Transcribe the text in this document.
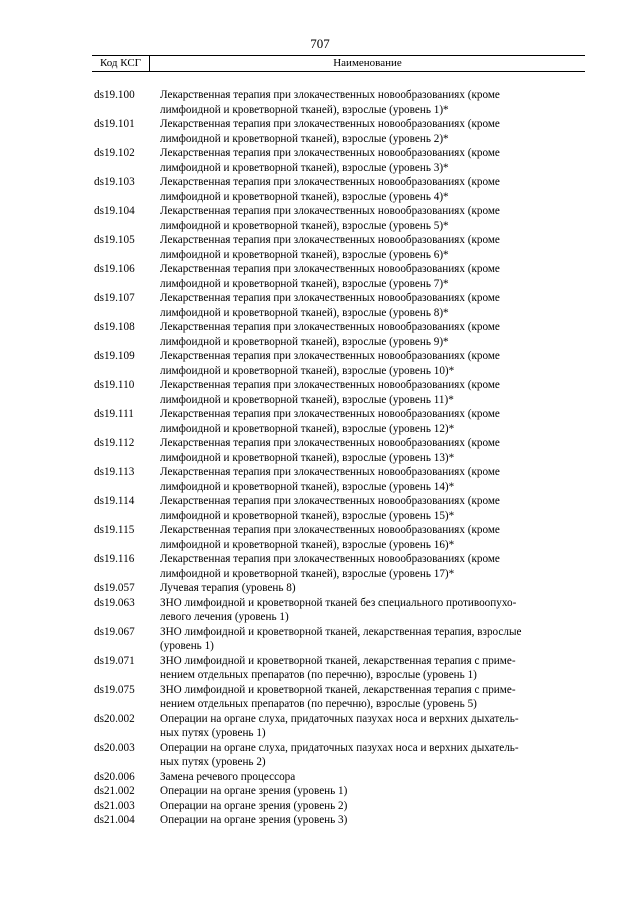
707
Код КСГ	Наименование
ds19.100	Лекарственная терапия при злокачественных новообразованиях (кроме
лимфоидной и кроветворной тканей), взрослые (уровень 1)*
ds19.101	Лекарственная терапия при злокачественных новообразованиях (кроме
лимфоидной и кроветворной тканей), взрослые (уровень 2)*
ds19.102	Лекарственная терапия при злокачественных новообразованиях (кроме
лимфоидной и кроветворной тканей), взрослые (уровень 3)*
ds19.103	Лекарственная терапия при злокачественных новообразованиях (кроме
лимфоидной и кроветворной тканей), взрослые (уровень 4)*
ds19.104	Лекарственная терапия при злокачественных новообразованиях (кроме
лимфоидной и кроветворной тканей), взрослые (уровень 5)*
ds19.105	Лекарственная терапия при злокачественных новообразованиях (кроме
лимфоидной и кроветворной тканей), взрослые (уровень 6)*
ds19.106	Лекарственная терапия при злокачественных новообразованиях (кроме
лимфоидной и кроветворной тканей), взрослые (уровень 7)*
ds19.107	Лекарственная терапия при злокачественных новообразованиях (кроме
лимфоидной и кроветворной тканей), взрослые (уровень 8)*
ds19.108	Лекарственная терапия при злокачественных новообразованиях (кроме
лимфоидной и кроветворной тканей), взрослые (уровень 9)*
ds19.109	Лекарственная терапия при злокачественных новообразованиях (кроме
лимфоидной и кроветворной тканей), взрослые (уровень 10)*
ds19.110	Лекарственная терапия при злокачественных новообразованиях (кроме
лимфоидной и кроветворной тканей), взрослые (уровень 11)*
ds19.111	Лекарственная терапия при злокачественных новообразованиях (кроме
лимфоидной и кроветворной тканей), взрослые (уровень 12)*
ds19.112	Лекарственная терапия при злокачественных новообразованиях (кроме
лимфоидной и кроветворной тканей), взрослые (уровень 13)*
ds19.113	Лекарственная терапия при злокачественных новообразованиях (кроме
лимфоидной и кроветворной тканей), взрослые (уровень 14)*
ds19.114	Лекарственная терапия при злокачественных новообразованиях (кроме
лимфоидной и кроветворной тканей), взрослые (уровень 15)*
ds19.115	Лекарственная терапия при злокачественных новообразованиях (кроме
лимфоидной и кроветворной тканей), взрослые (уровень 16)*
ds19.116	Лекарственная терапия при злокачественных новообразованиях (кроме
лимфоидной и кроветворной тканей), взрослые (уровень 17)*
ds19.057	Лучевая терапия (уровень 8)
ds19.063	ЗНО лимфоидной и кроветворной тканей без специального противоопухо-
левого лечения (уровень 1)
ds19.067	ЗНО лимфоидной и кроветворной тканей, лекарственная терапия, взрослые
(уровень 1)
ds19.071	ЗНО лимфоидной и кроветворной тканей, лекарственная терапия с приме-
нением отдельных препаратов (по перечню), взрослые (уровень 1)
ds19.075	ЗНО лимфоидной и кроветворной тканей, лекарственная терапия с приме-
нением отдельных препаратов (по перечню), взрослые (уровень 5)
ds20.002	Операции на органе слуха, придаточных пазухах носа и верхних дыхатель-
ных путях (уровень 1)
ds20.003	Операции на органе слуха, придаточных пазухах носа и верхних дыхатель-
ных путях (уровень 2)
ds20.006	Замена речевого процессора
ds21.002	Операции на органе зрения (уровень 1)
ds21.003	Операции на органе зрения (уровень 2)
ds21.004	Операции на органе зрения (уровень 3)
